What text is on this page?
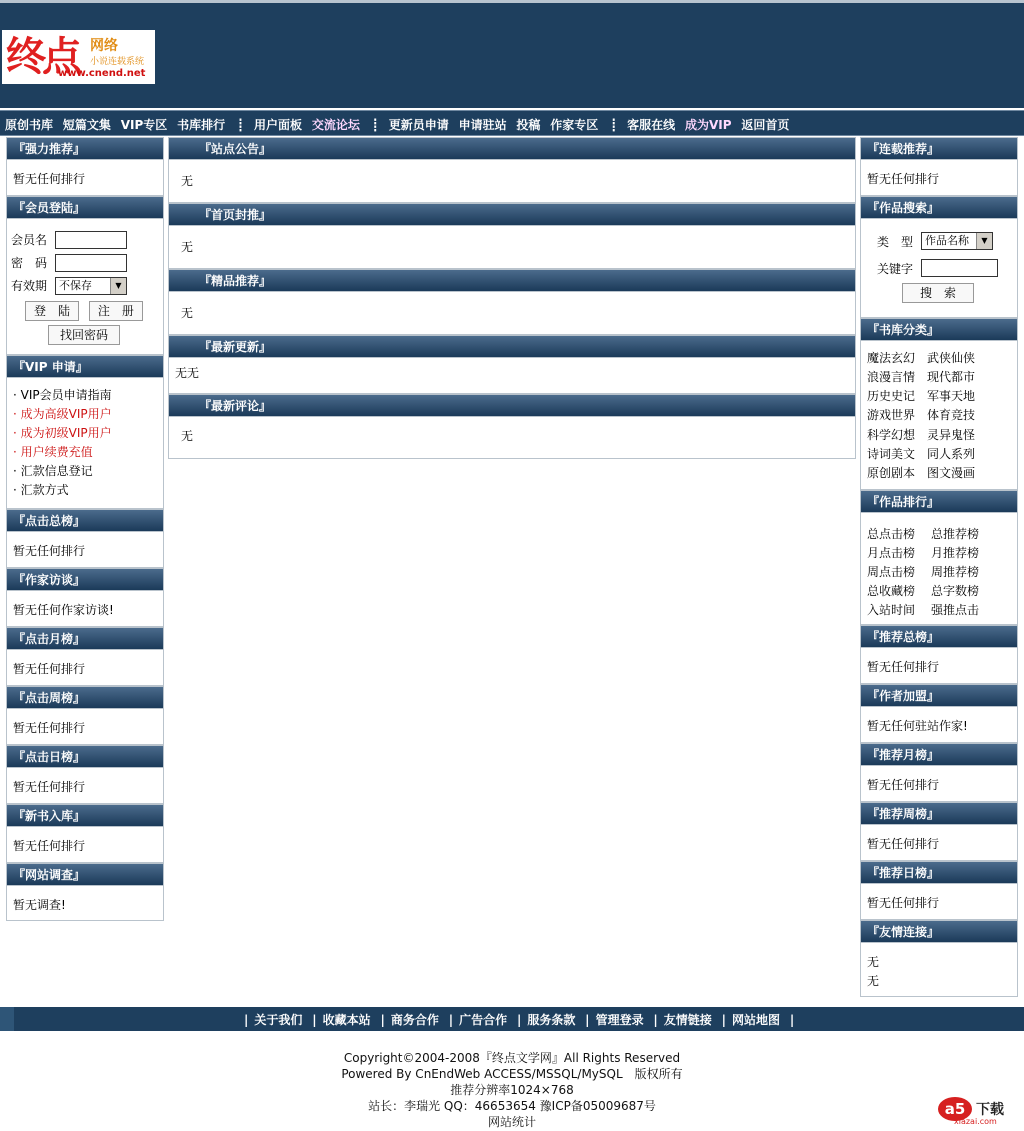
终点 网络
小说连载系统
www.cnend.net
原创书库 短篇文集 VIP专区 书库排行 ┋ 用户面板 交流论坛 ┋ 更新员申请 申请驻站 投稿 作家专区 ┋ 客服在线 成为VIP 返回首页
『强力推荐』
暂无任何排行
『会员登陆』
会员名
密　码
有效期	不保存	▼
登　陆 注　册
找回密码
『VIP 申请』
· VIP会员申请指南
· 成为高级VIP用户
· 成为初级VIP用户
· 用户续费充值
· 汇款信息登记
· 汇款方式
『点击总榜』
暂无任何排行
『作家访谈』
暂无任何作家访谈!
『点击月榜』
暂无任何排行
『点击周榜』
暂无任何排行
『点击日榜』
暂无任何排行
『新书入库』
暂无任何排行
『网站调查』
暂无调查!
『站点公告』
无
『首页封推』
无
『精品推荐』
无
『最新更新』
无无
『最新评论』
无
『连载推荐』
暂无任何排行
『作品搜索』
类　型	作品名称	▼
关键字
搜　索
『书库分类』
魔法玄幻 武侠仙侠
浪漫言情 现代都市
历史史记 军事天地
游戏世界 体育竞技
科学幻想 灵异鬼怪
诗词美文 同人系列
原创剧本 图文漫画
『作品排行』
总点击榜	总推荐榜
月点击榜	月推荐榜
周点击榜	周推荐榜
总收藏榜	总字数榜
入站时间	强推点击
『推荐总榜』
暂无任何排行
『作者加盟』
暂无任何驻站作家!
『推荐月榜』
暂无任何排行
『推荐周榜』
暂无任何排行
『推荐日榜』
暂无任何排行
『友情连接』
无
无
| 关于我们 | 收藏本站 | 商务合作 | 广告合作 | 服务条款 | 管理登录 | 友情链接 | 网站地图 |
Copyright©2004-2008『终点文学网』All Rights Reserved
Powered By CnEndWeb ACCESS/MSSQL/MySQL　版权所有
推荐分辨率1024×768
站长：李瑞光 QQ：46653654 豫ICP备05009687号
网站统计
a5 下载
xiazai.com
